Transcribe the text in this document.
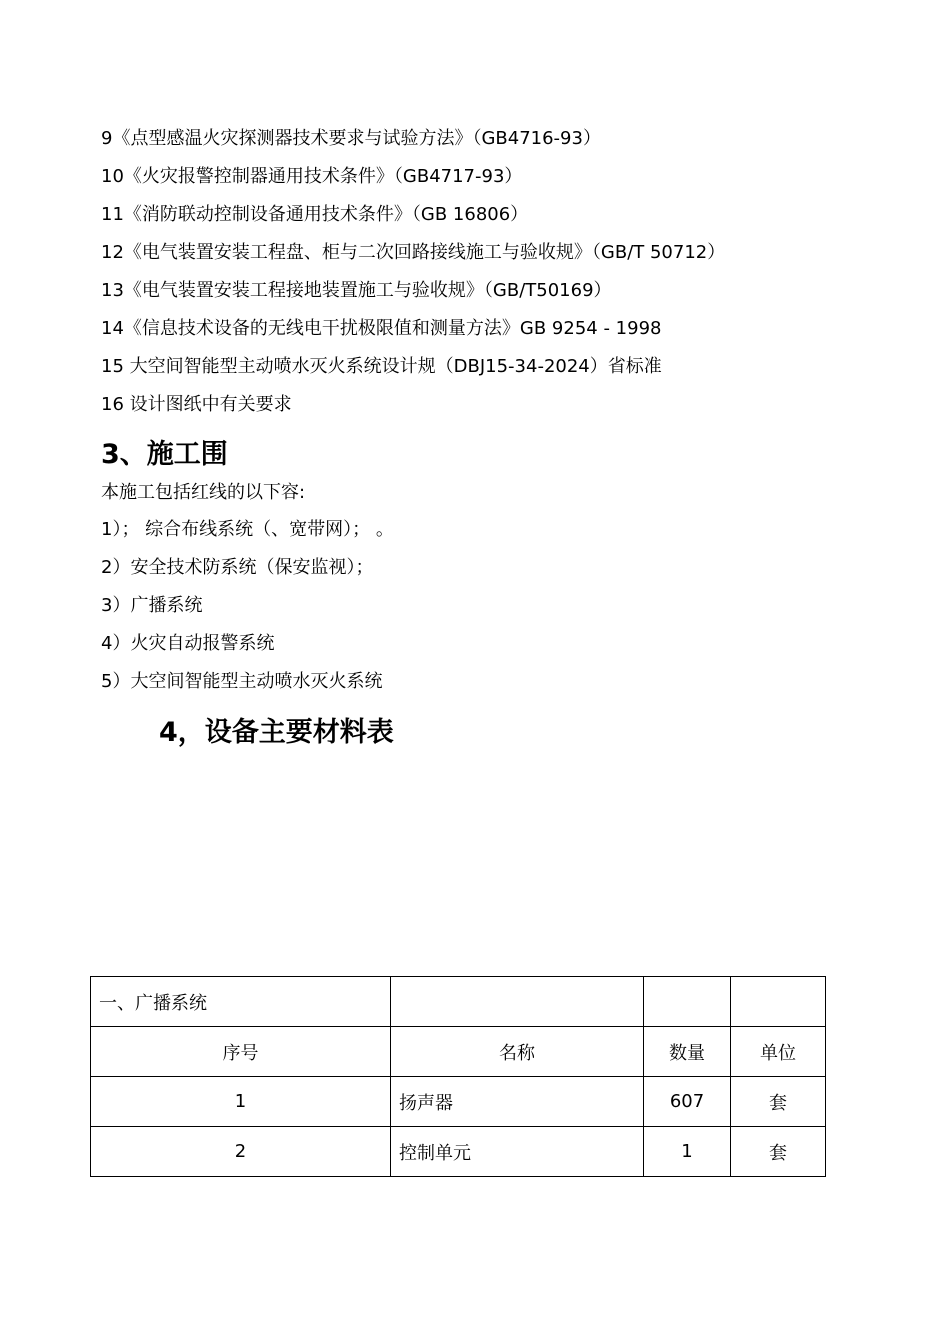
9《点型感温火灾探测器技术要求与试验方法》（GB4716-93）
10《火灾报警控制器通用技术条件》（GB4717-93）
11《消防联动控制设备通用技术条件》（GB 16806）
12《电气装置安装工程盘、柜与二次回路接线施工与验收规》（GB/T 50712）
13《电气装置安装工程接地装置施工与验收规》（GB/T50169）
14《信息技术设备的无线电干扰极限值和测量方法》GB 9254 - 1998
15 大空间智能型主动喷水灭火系统设计规（DBJ15-34-2024）省标准
16 设计图纸中有关要求
3、施工围
本施工包括红线的以下容:
1）； 综合布线系统（、宽带网）； 。
2）安全技术防系统（保安监视）；
3）广播系统
4）火灾自动报警系统
5）大空间智能型主动喷水灭火系统
4，设备主要材料表
一、广播系统			
序号	名称	数量	单位
1	扬声器	607	套
2	控制单元	1	套
